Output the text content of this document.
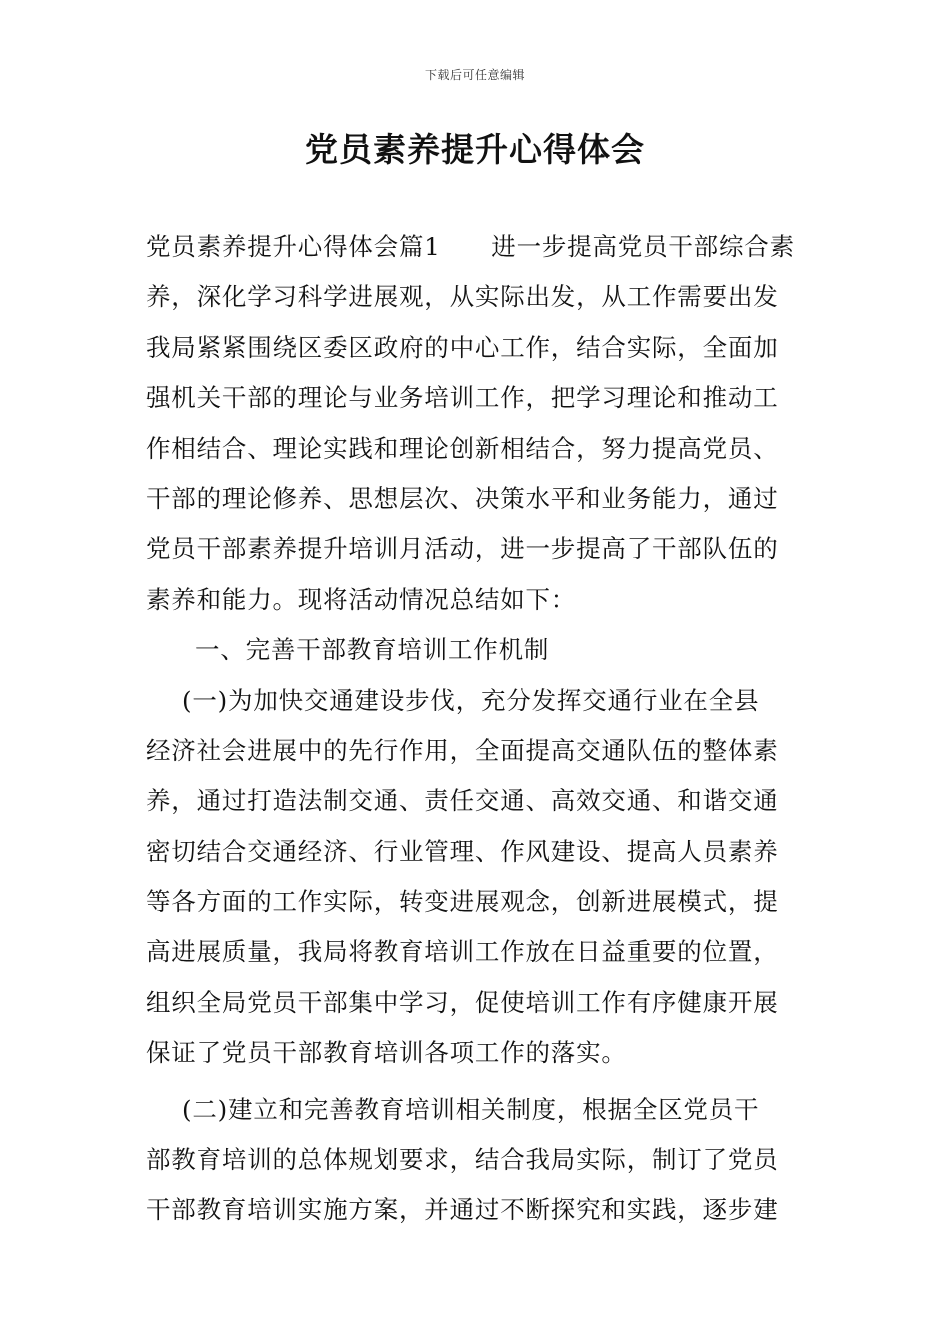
下载后可任意编辑
党员素养提升心得体会
党员素养提升心得体会篇1　　进一步提高党员干部综合素
养，深化学习科学进展观，从实际出发，从工作需要出发
我局紧紧围绕区委区政府的中心工作，结合实际，全面加
强机关干部的理论与业务培训工作，把学习理论和推动工
作相结合、理论实践和理论创新相结合，努力提高党员、
干部的理论修养、思想层次、决策水平和业务能力，通过
党员干部素养提升培训月活动，进一步提高了干部队伍的
素养和能力。现将活动情况总结如下：
一、完善干部教育培训工作机制
(一)为加快交通建设步伐，充分发挥交通行业在全县
经济社会进展中的先行作用，全面提高交通队伍的整体素
养，通过打造法制交通、责任交通、高效交通、和谐交通
密切结合交通经济、行业管理、作风建设、提高人员素养
等各方面的工作实际，转变进展观念，创新进展模式，提
高进展质量，我局将教育培训工作放在日益重要的位置，
组织全局党员干部集中学习，促使培训工作有序健康开展
保证了党员干部教育培训各项工作的落实。
(二)建立和完善教育培训相关制度，根据全区党员干
部教育培训的总体规划要求，结合我局实际，制订了党员
干部教育培训实施方案，并通过不断探究和实践，逐步建
